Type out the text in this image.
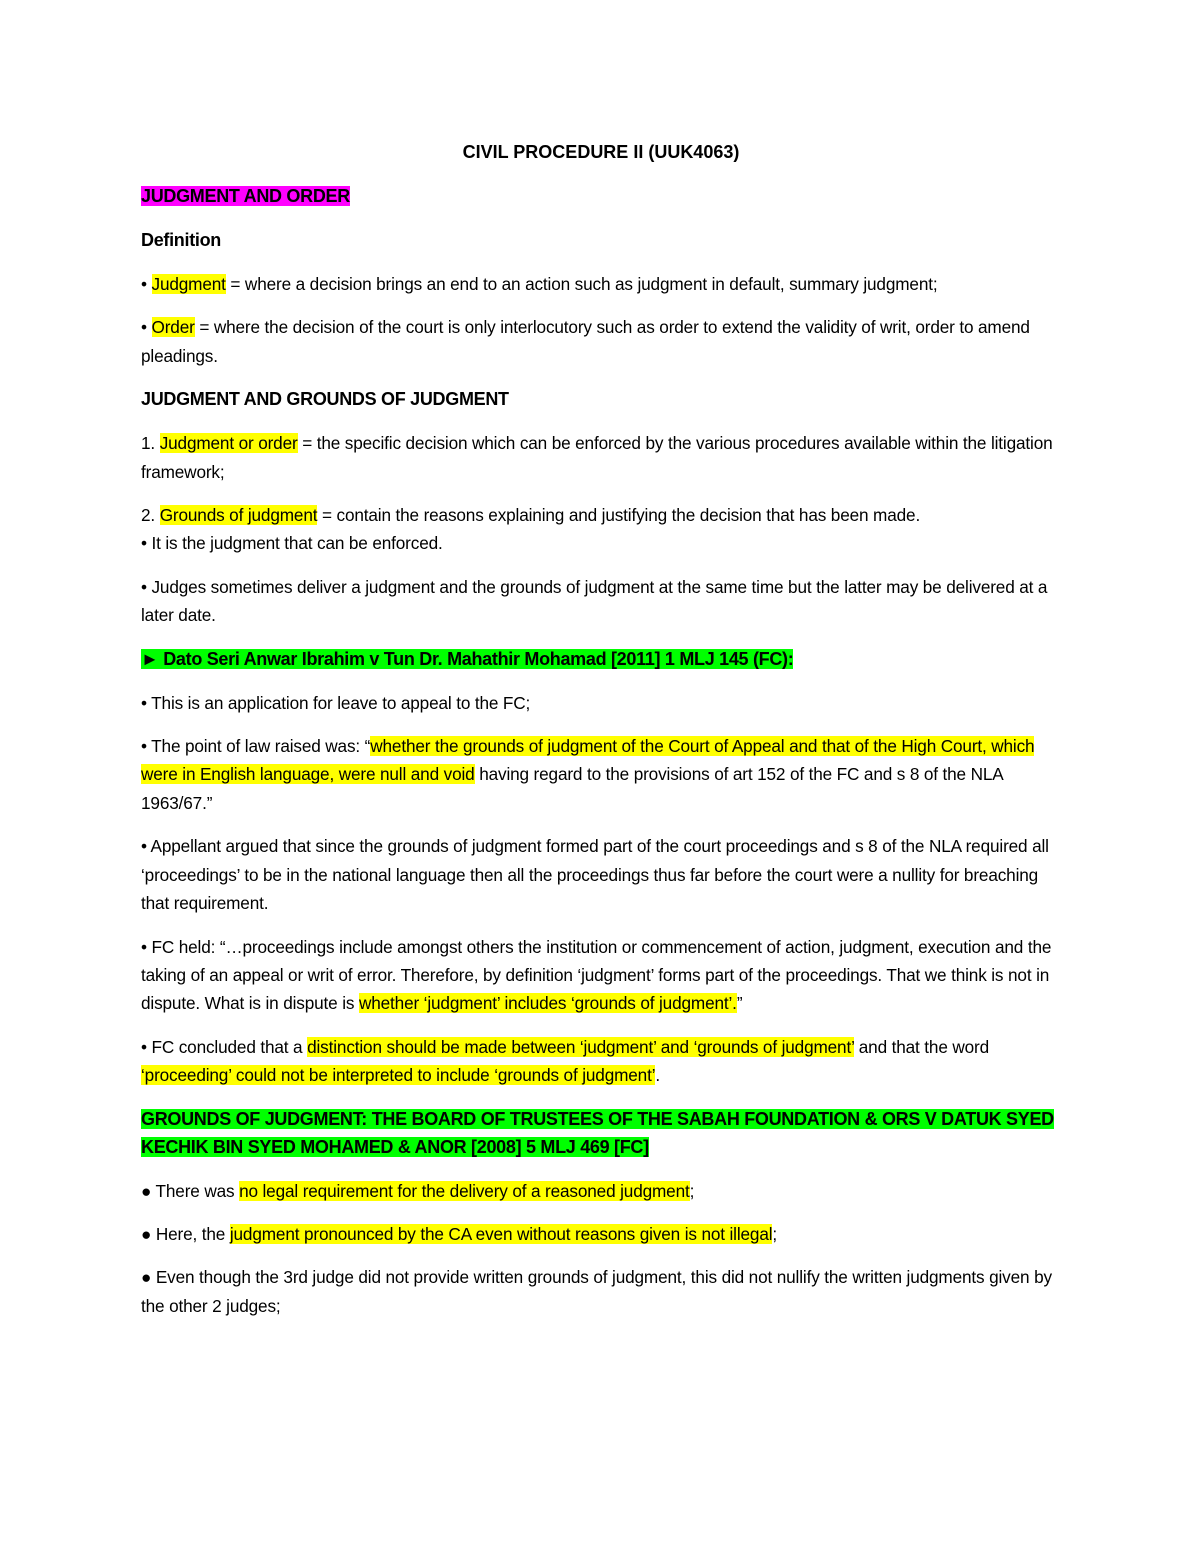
CIVIL PROCEDURE II (UUK4063)
JUDGMENT AND ORDER
Definition

• Judgment = where a decision brings an end to an action such as judgment in default, summary judgment;

• Order = where the decision of the court is only interlocutory such as order to extend the validity of writ, order to amend pleadings.

JUDGMENT AND GROUNDS OF JUDGMENT

1. Judgment or order = the specific decision which can be enforced by the various procedures available within the litigation framework;

2. Grounds of judgment = contain the reasons explaining and justifying the decision that has been made.
• It is the judgment that can be enforced.

• Judges sometimes deliver a judgment and the grounds of judgment at the same time but the latter may be delivered at a later date.

► Dato Seri Anwar Ibrahim v Tun Dr. Mahathir Mohamad [2011] 1 MLJ 145 (FC):

• This is an application for leave to appeal to the FC;

• The point of law raised was: “whether the grounds of judgment of the Court of Appeal and that of the High Court, which were in English language, were null and void having regard to the provisions of art 152 of the FC and s 8 of the NLA 1963/67.”

• Appellant argued that since the grounds of judgment formed part of the court proceedings and s 8 of the NLA required all ‘proceedings’ to be in the national language then all the proceedings thus far before the court were a nullity for breaching that requirement.

• FC held: “…proceedings include amongst others the institution or commencement of action, judgment, execution and the taking of an appeal or writ of error. Therefore, by definition ‘judgment’ forms part of the proceedings. That we think is not in dispute. What is in dispute is whether ‘judgment’ includes ‘grounds of judgment’.”

• FC concluded that a distinction should be made between ‘judgment’ and ‘grounds of judgment’ and that the word ‘proceeding’ could not be interpreted to include ‘grounds of judgment’.

GROUNDS OF JUDGMENT: THE BOARD OF TRUSTEES OF THE SABAH FOUNDATION & ORS V DATUK SYED KECHIK BIN SYED MOHAMED & ANOR [2008] 5 MLJ 469 [FC]

● There was no legal requirement for the delivery of a reasoned judgment;

● Here, the judgment pronounced by the CA even without reasons given is not illegal;

● Even though the 3rd judge did not provide written grounds of judgment, this did not nullify the written judgments given by the other 2 judges;
